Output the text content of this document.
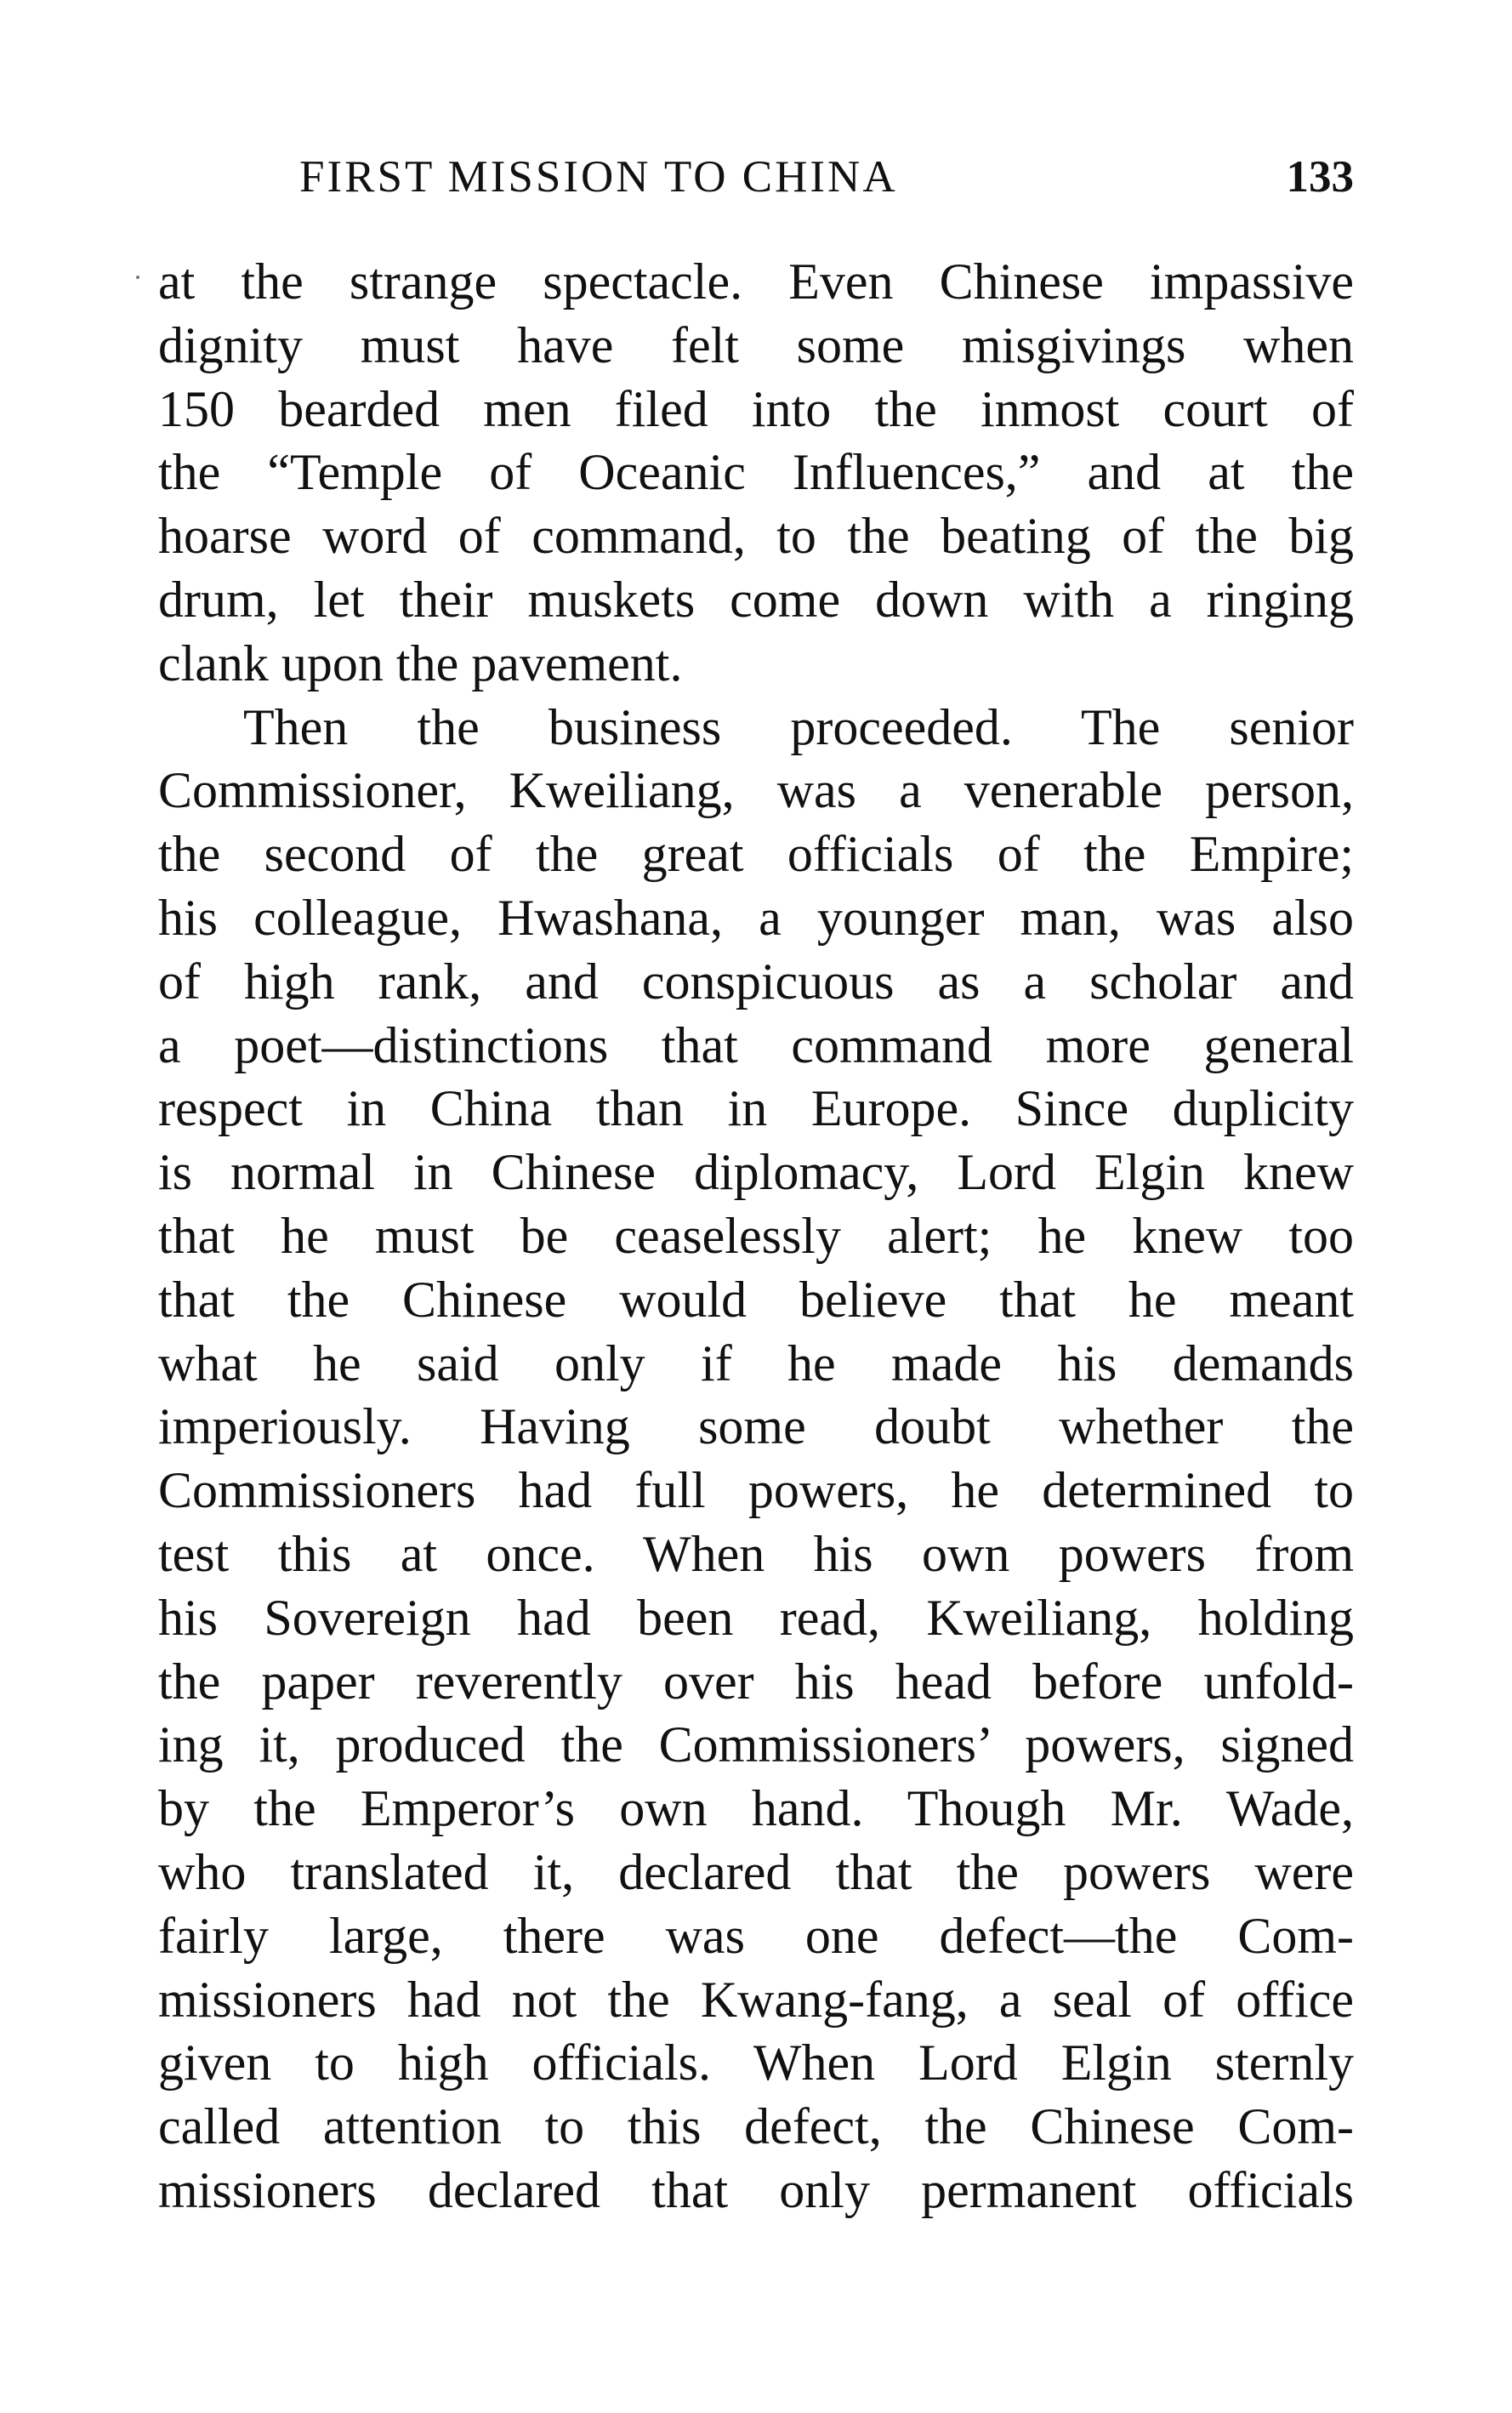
FIRST MISSION TO CHINA	133
at the strange spectacle. Even Chinese impassive
dignity must have felt some misgivings when
150 bearded men filed into the inmost court of
the “Temple of Oceanic Influences,” and at the
hoarse word of command, to the beating of the big
drum, let their muskets come down with a ringing
clank upon the pavement.
Then the business proceeded. The senior
Commissioner, Kweiliang, was a venerable person,
the second of the great officials of the Empire;
his colleague, Hwashana, a younger man, was also
of high rank, and conspicuous as a scholar and
a poet—distinctions that command more general
respect in China than in Europe. Since duplicity
is normal in Chinese diplomacy, Lord Elgin knew
that he must be ceaselessly alert; he knew too
that the Chinese would believe that he meant
what he said only if he made his demands
imperiously. Having some doubt whether the
Commissioners had full powers, he determined to
test this at once. When his own powers from
his Sovereign had been read, Kweiliang, holding
the paper reverently over his head before unfold-
ing it, produced the Commissioners’ powers, signed
by the Emperor’s own hand. Though Mr. Wade,
who translated it, declared that the powers were
fairly large, there was one defect—the Com-
missioners had not the Kwang-fang, a seal of office
given to high officials. When Lord Elgin sternly
called attention to this defect, the Chinese Com-
missioners declared that only permanent officials
